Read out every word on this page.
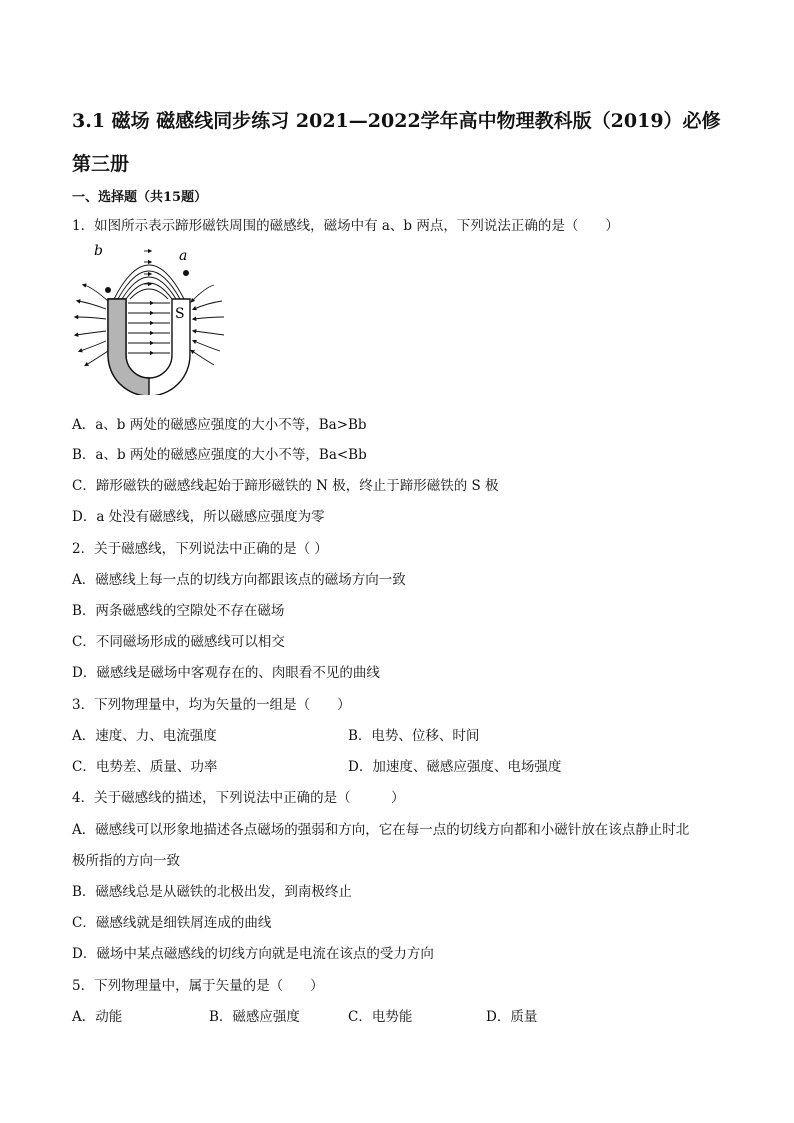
3.1 磁场 磁感线同步练习 2021—2022学年高中物理教科版（2019）必修第三册
一、选择题（共15题）
1．如图所示表示蹄形磁铁周围的磁感线，磁场中有 a、b 两点，下列说法正确的是（　　）
S
b	a
A．a、b 两处的磁感应强度的大小不等，Ba>Bb
B．a、b 两处的磁感应强度的大小不等，Ba<Bb
C．蹄形磁铁的磁感线起始于蹄形磁铁的 N 极，终止于蹄形磁铁的 S 极
D．a 处没有磁感线，所以磁感应强度为零
2．关于磁感线，下列说法中正确的是（ ）
A．磁感线上每一点的切线方向都跟该点的磁场方向一致
B．两条磁感线的空隙处不存在磁场
C．不同磁场形成的磁感线可以相交
D．磁感线是磁场中客观存在的、肉眼看不见的曲线
3．下列物理量中，均为矢量的一组是（　　）
A．速度、力、电流强度	B．电势、位移、时间
C．电势差、质量、功率	D．加速度、磁感应强度、电场强度
4．关于磁感线的描述，下列说法中正确的是（　　　）
A．磁感线可以形象地描述各点磁场的强弱和方向，它在每一点的切线方向都和小磁针放在该点静止时北
极所指的方向一致
B．磁感线总是从磁铁的北极出发，到南极终止
C．磁感线就是细铁屑连成的曲线
D．磁场中某点磁感线的切线方向就是电流在该点的受力方向
5．下列物理量中，属于矢量的是（　　）
A．动能	B．磁感应强度	C．电势能	D．质量
